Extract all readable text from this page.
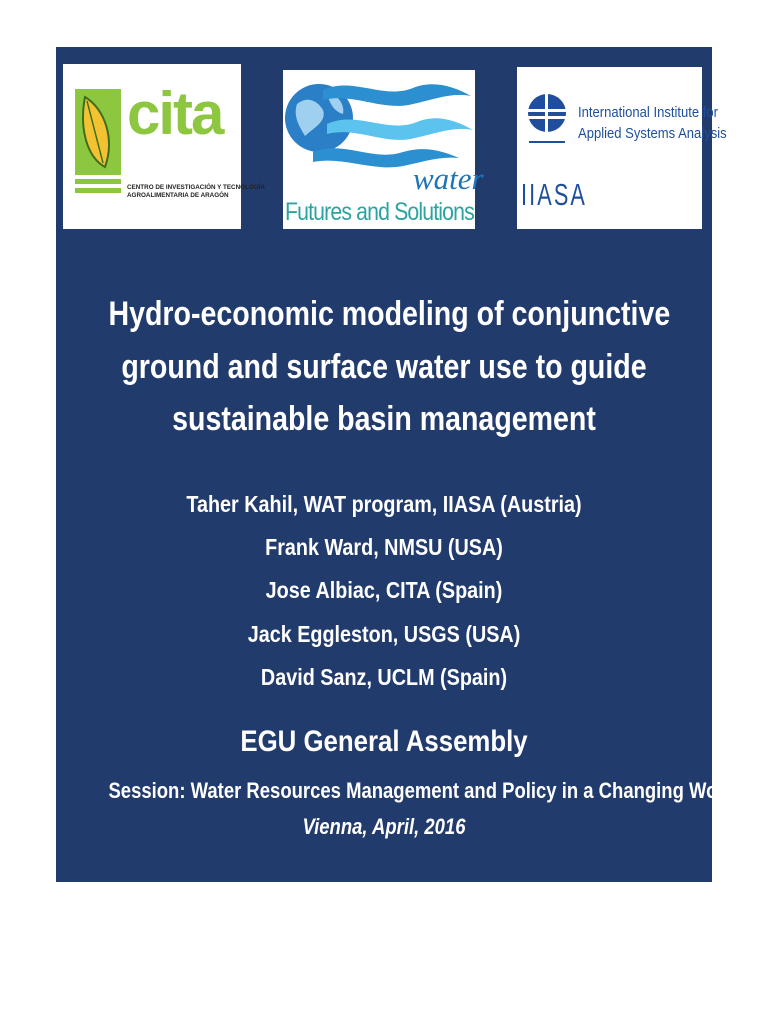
cita
CENTRO DE INVESTIGACIÓN Y TECNOLOGÍA
AGROALIMENTARIA DE ARAGÓN	water
Futures and Solutions
International Institute for
Applied Systems Analysis
IIASA
Hydro-economic modeling of conjunctive
ground and surface water use to guide
sustainable basin management
Taher Kahil, WAT program, IIASA (Austria)
Frank Ward, NMSU (USA)
Jose Albiac, CITA (Spain)
Jack Eggleston, USGS (USA)
David Sanz, UCLM (Spain)
EGU General Assembly
Session: Water Resources Management and Policy in a Changing World
Vienna, April, 2016
